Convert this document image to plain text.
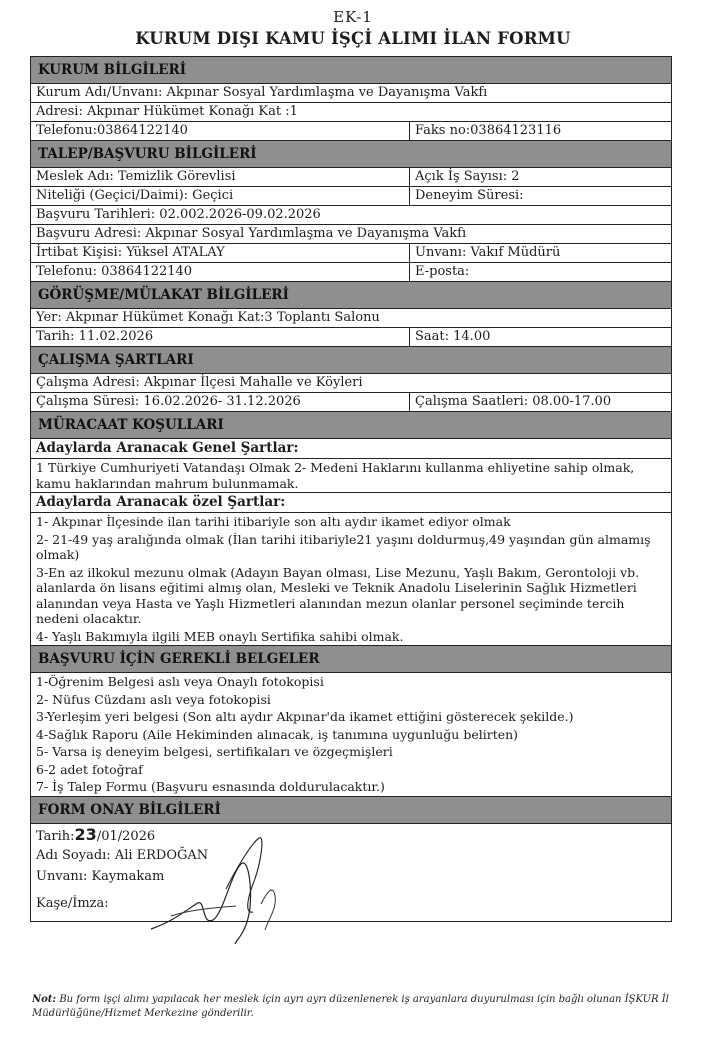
EK-1
KURUM DIŞI KAMU İŞÇİ ALIMI İLAN FORMU
KURUM BİLGİLERİ
Kurum Adı/Unvanı: Akpınar Sosyal Yardımlaşma ve Dayanışma Vakfı
Adresi: Akpınar Hükümet Konağı Kat :1
Telefonu:03864122140	Faks no:03864123116
TALEP/BAŞVURU BİLGİLERİ
Meslek Adı: Temizlik Görevlisi	Açık İş Sayısı: 2
Niteliği (Geçici/Daimi): Geçici	Deneyim Süresi:
Başvuru Tarihleri: 02.002.2026-09.02.2026
Başvuru Adresi: Akpınar Sosyal Yardımlaşma ve Dayanışma Vakfı
İrtibat Kişisi: Yüksel ATALAY	Unvanı: Vakıf Müdürü
Telefonu: 03864122140	E-posta:
GÖRÜŞME/MÜLAKAT BİLGİLERİ
Yer: Akpınar Hükümet Konağı Kat:3 Toplantı Salonu
Tarih: 11.02.2026	Saat: 14.00
ÇALIŞMA ŞARTLARI
Çalışma Adresi: Akpınar İlçesi Mahalle ve Köyleri
Çalışma Süresi: 16.02.2026- 31.12.2026	Çalışma Saatleri: 08.00-17.00
MÜRACAAT KOŞULLARI
Adaylarda Aranacak Genel Şartlar:
1 Türkiye Cumhuriyeti Vatandaşı Olmak 2- Medeni Haklarını kullanma ehliyetine sahip olmak, kamu haklarından mahrum bulunmamak.
Adaylarda Aranacak özel Şartlar:
1- Akpınar İlçesinde ilan tarihi itibariyle son altı aydır ikamet ediyor olmak
2- 21-49 yaş aralığında olmak (İlan tarihi itibariyle21 yaşını doldurmuş,49 yaşından gün almamış olmak)
3-En az ilkokul mezunu olmak (Adayın Bayan olması, Lise Mezunu, Yaşlı Bakım, Gerontoloji vb. alanlarda ön lisans eğitimi almış olan, Mesleki ve Teknik Anadolu Liselerinin Sağlık Hizmetleri alanından veya Hasta ve Yaşlı Hizmetleri alanından mezun olanlar personel seçiminde tercih nedeni olacaktır.
4- Yaşlı Bakımıyla ilgili MEB onaylı Sertifika sahibi olmak.
BAŞVURU İÇİN GEREKLİ BELGELER
1-Öğrenim Belgesi aslı veya Onaylı fotokopisi
2- Nüfus Cüzdanı aslı veya fotokopisi
3-Yerleşim yeri belgesi (Son altı aydır Akpınar'da ikamet ettiğini gösterecek şekilde.)
4-Sağlık Raporu (Aile Hekiminden alınacak, iş tanımına uygunluğu belirten)
5- Varsa iş deneyim belgesi, sertifikaları ve özgeçmişleri
6-2 adet fotoğraf
7- İş Talep Formu (Başvuru esnasında doldurulacaktır.)
FORM ONAY BİLGİLERİ
Tarih:23/01/2026
Adı Soyadı: Ali ERDOĞAN
Unvanı: Kaymakam
Kaşe/İmza:
Not: Bu form işçi alımı yapılacak her meslek için ayrı ayrı düzenlenerek iş arayanlara duyurulması için bağlı olunan İŞKUR İl Müdürlüğüne/Hizmet Merkezine gönderilir.
